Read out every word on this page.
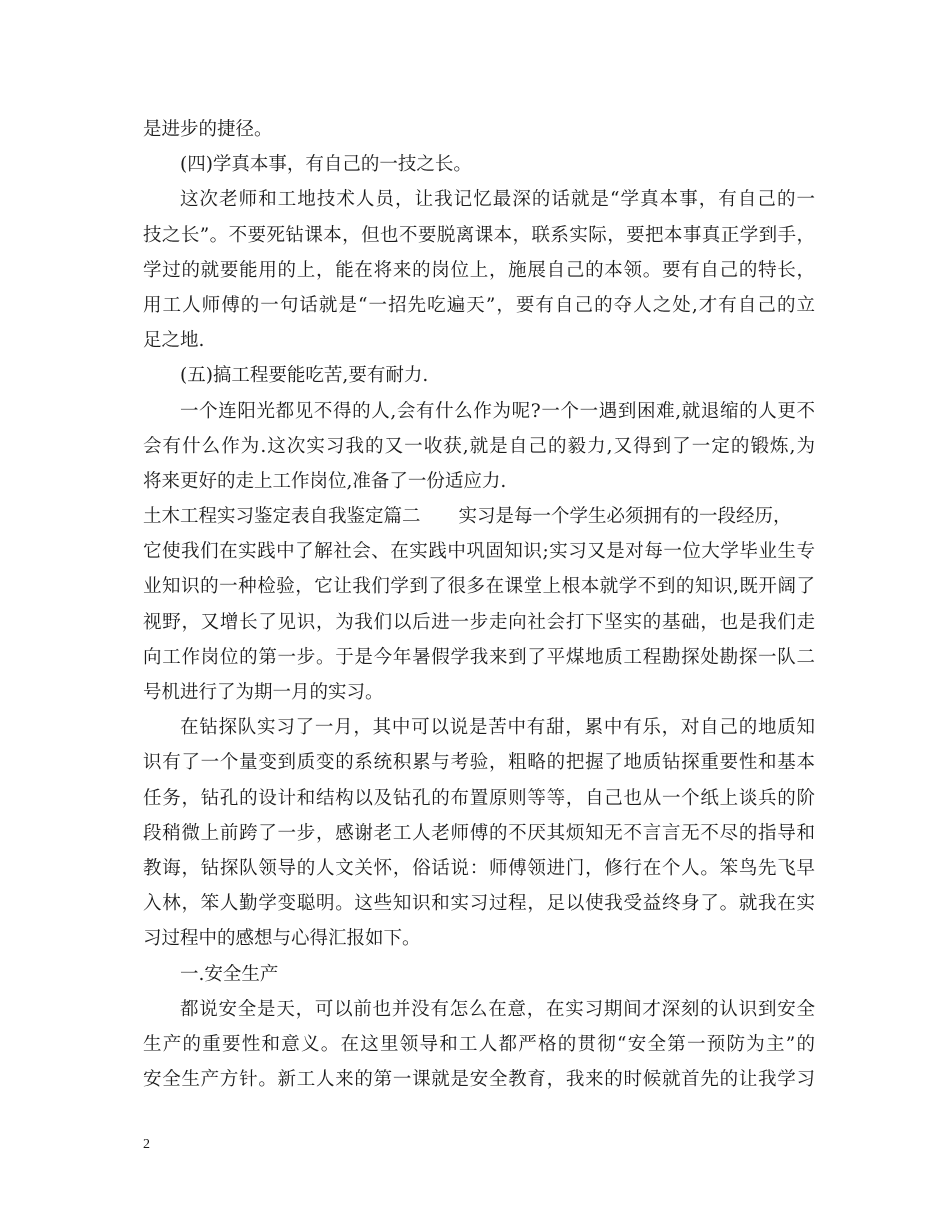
是进步的捷径。
(四)学真本事，有自己的一技之长。
这次老师和工地技术人员，让我记忆最深的话就是“学真本事，有自己的一
技之长”。不要死钻课本，但也不要脱离课本，联系实际，要把本事真正学到手，
学过的就要能用的上，能在将来的岗位上，施展自己的本领。要有自己的特长，
用工人师傅的一句话就是“一招先吃遍天”，要有自己的夺人之处,才有自己的立
足之地.
(五)搞工程要能吃苦,要有耐力.
一个连阳光都见不得的人,会有什么作为呢?一个一遇到困难,就退缩的人更不
会有什么作为.这次实习我的又一收获,就是自己的毅力,又得到了一定的锻炼,为
将来更好的走上工作岗位,准备了一份适应力.
土木工程实习鉴定表自我鉴定篇二 实习是每一个学生必须拥有的一段经历，
它使我们在实践中了解社会、在实践中巩固知识;实习又是对每一位大学毕业生专
业知识的一种检验，它让我们学到了很多在课堂上根本就学不到的知识,既开阔了
视野，又增长了见识，为我们以后进一步走向社会打下坚实的基础，也是我们走
向工作岗位的第一步。于是今年暑假学我来到了平煤地质工程勘探处勘探一队二
号机进行了为期一月的实习。
在钻探队实习了一月，其中可以说是苦中有甜，累中有乐，对自己的地质知
识有了一个量变到质变的系统积累与考验，粗略的把握了地质钻探重要性和基本
任务，钻孔的设计和结构以及钻孔的布置原则等等，自己也从一个纸上谈兵的阶
段稍微上前跨了一步，感谢老工人老师傅的不厌其烦知无不言言无不尽的指导和
教诲，钻探队领导的人文关怀，俗话说：师傅领进门，修行在个人。笨鸟先飞早
入林，笨人勤学变聪明。这些知识和实习过程，足以使我受益终身了。就我在实
习过程中的感想与心得汇报如下。
一.安全生产
都说安全是天，可以前也并没有怎么在意，在实习期间才深刻的认识到安全
生产的重要性和意义。在这里领导和工人都严格的贯彻“安全第一预防为主”的
安全生产方针。新工人来的第一课就是安全教育，我来的时候就首先的让我学习
2
